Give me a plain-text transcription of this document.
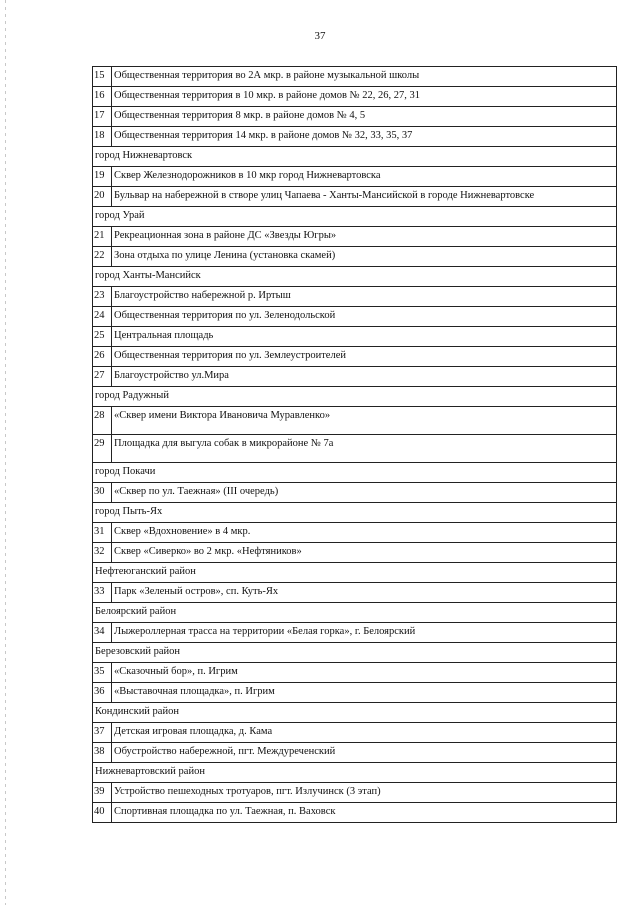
37
15	Общественная территория во 2А мкр. в районе музыкальной школы
16	Общественная территория в 10 мкр. в районе домов № 22, 26, 27, 31
17	Общественная территория 8 мкр. в районе домов № 4, 5
18	Общественная территория 14 мкр. в районе домов № 32, 33, 35, 37
город Нижневартовск	
19	Сквер Железнодорожников в 10 мкр город Нижневартовска
20	Бульвар на набережной в створе улиц Чапаева - Ханты-Мансийской в городе Нижневартовске
город Урай	
21	Рекреационная зона в районе ДС «Звезды Югры»
22	Зона отдыха по улице Ленина (установка скамей)
город Ханты-Мансийск	
23	Благоустройство набережной р. Иртыш
24	Общественная территория по ул. Зеленодольской
25	Центральная площадь
26	Общественная территория по ул. Землеустроителей
27	Благоустройство ул.Мира
город Радужный	
28	«Сквер имени Виктора Ивановича Муравленко»
29	Площадка для выгула собак в микрорайоне № 7а
город Покачи	
30	«Сквер по ул. Таежная» (III очередь)
город Пыть-Ях	
31	Сквер «Вдохновение» в 4 мкр.
32	Сквер «Сиверко» во 2 мкр. «Нефтяников»
Нефтеюганский район	
33	Парк «Зеленый остров», сп. Куть-Ях
Белоярский район	
34	Лыжероллерная трасса на территории «Белая горка», г. Белоярский
Березовский район	
35	«Сказочный бор», п. Игрим
36	«Выставочная площадка», п. Игрим
Кондинский район	
37	Детская игровая площадка, д. Кама
38	Обустройство набережной, пгт. Междуреченский
Нижневартовский район	
39	Устройство пешеходных тротуаров, пгт. Излучинск (3 этап)
40	Спортивная площадка по ул. Таежная, п. Ваховск
